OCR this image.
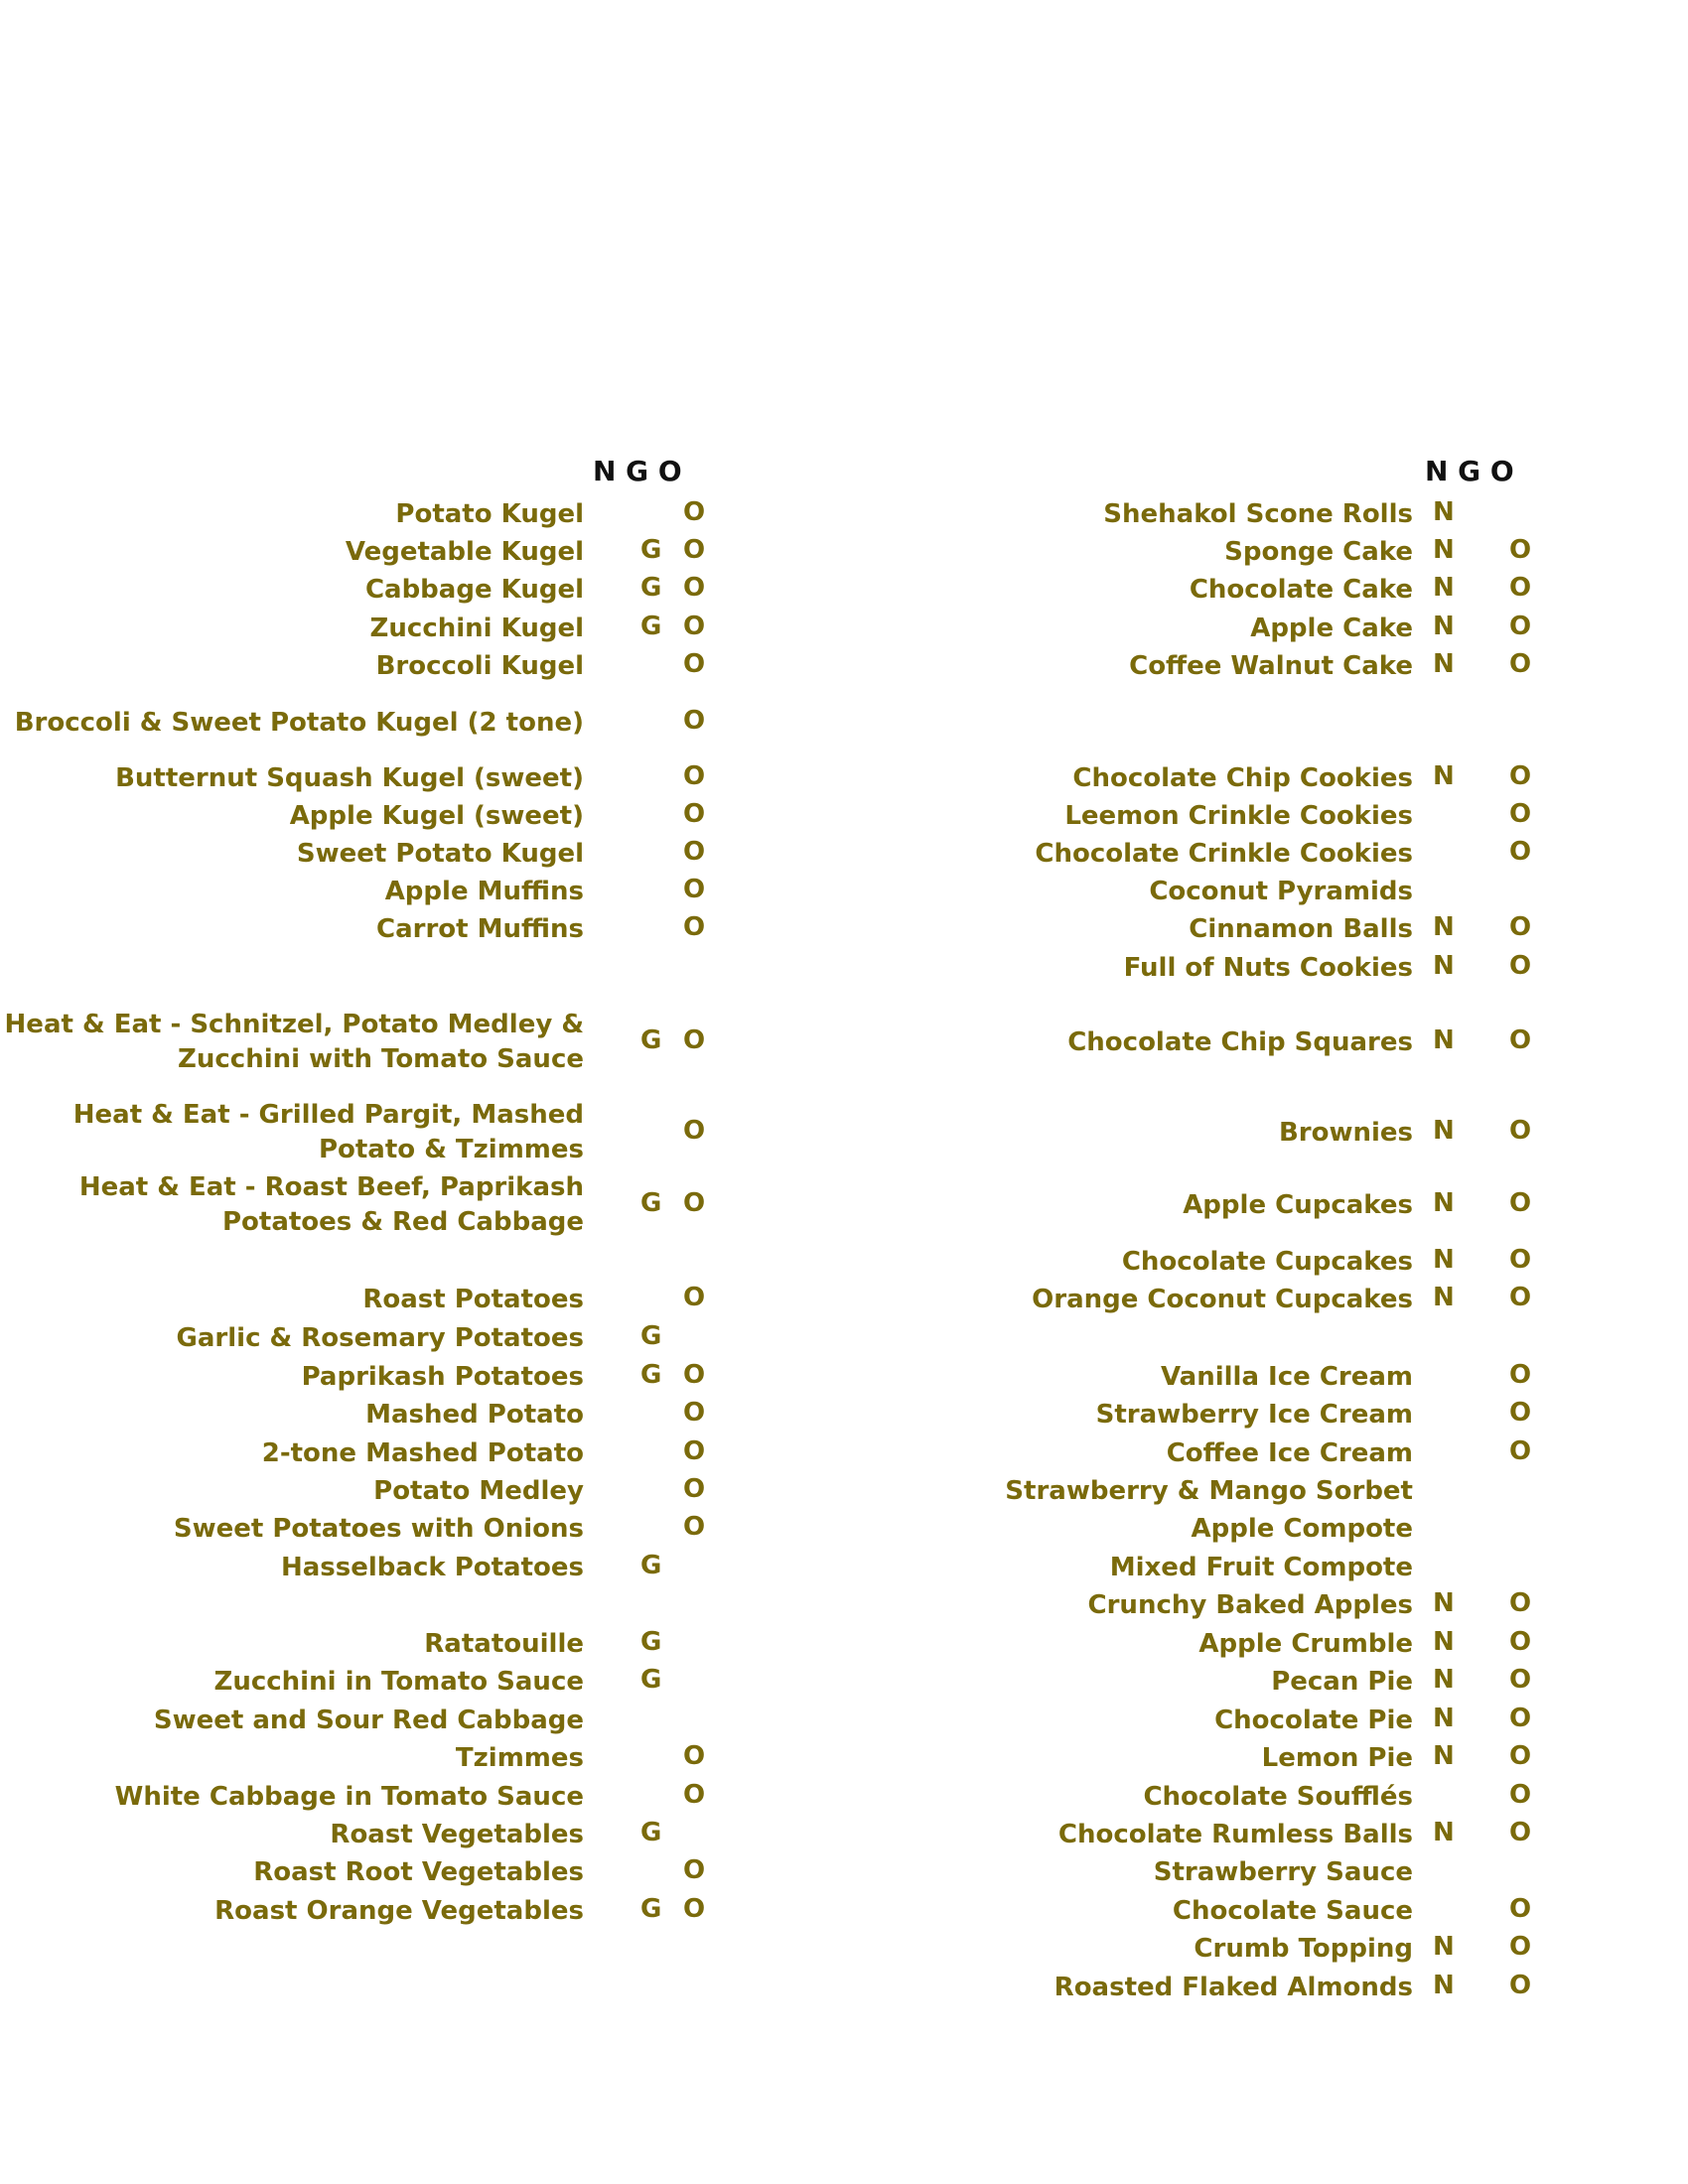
N G O
Potato Kugel	O
Vegetable Kugel G O
Cabbage Kugel G O
Zucchini Kugel G O
Broccoli Kugel	O
Broccoli & Sweet Potato Kugel (2 tone)	O
Butternut Squash Kugel (sweet)	O
Apple Kugel (sweet)	O
Sweet Potato Kugel	O
Apple Muffins	O
Carrot Muffins	O
Heat & Eat - Schnitzel, Potato Medley &
Zucchini with Tomato Sauce
G O
Heat & Eat - Grilled Pargit, Mashed
Potato & Tzimmes
O
Heat & Eat - Roast Beef, Paprikash
Potatoes & Red Cabbage
G O
Roast Potatoes	O
Garlic & Rosemary Potatoes G
Paprikash Potatoes G O
Mashed Potato	O
2-tone Mashed Potato	O
Potato Medley	O
Sweet Potatoes with Onions	O
Hasselback Potatoes G
Ratatouille G
Zucchini in Tomato Sauce G
Sweet and Sour Red Cabbage
Tzimmes	O
White Cabbage in Tomato Sauce	O
Roast Vegetables G
Roast Root Vegetables	O
Roast Orange Vegetables G O
N G O
Shehakol Scone Rolls N
Sponge Cake N O
Chocolate Cake N O
Apple Cake N O
Coffee Walnut Cake N O
Chocolate Chip Cookies N O
Leemon Crinkle Cookies	O
Chocolate Crinkle Cookies	O
Coconut Pyramids
Cinnamon Balls N O
Full of Nuts Cookies N O
Chocolate Chip Squares N O
Brownies N O
Apple Cupcakes N O
Chocolate Cupcakes N O
Orange Coconut Cupcakes N O
Vanilla Ice Cream	O
Strawberry Ice Cream	O
Coffee Ice Cream	O
Strawberry & Mango Sorbet
Apple Compote
Mixed Fruit Compote
Crunchy Baked Apples N O
Apple Crumble N O
Pecan Pie N O
Chocolate Pie N O
Lemon Pie N O
Chocolate Soufflés	O
Chocolate Rumless Balls N O
Strawberry Sauce
Chocolate Sauce	O
Crumb Topping N O
Roasted Flaked Almonds N O
